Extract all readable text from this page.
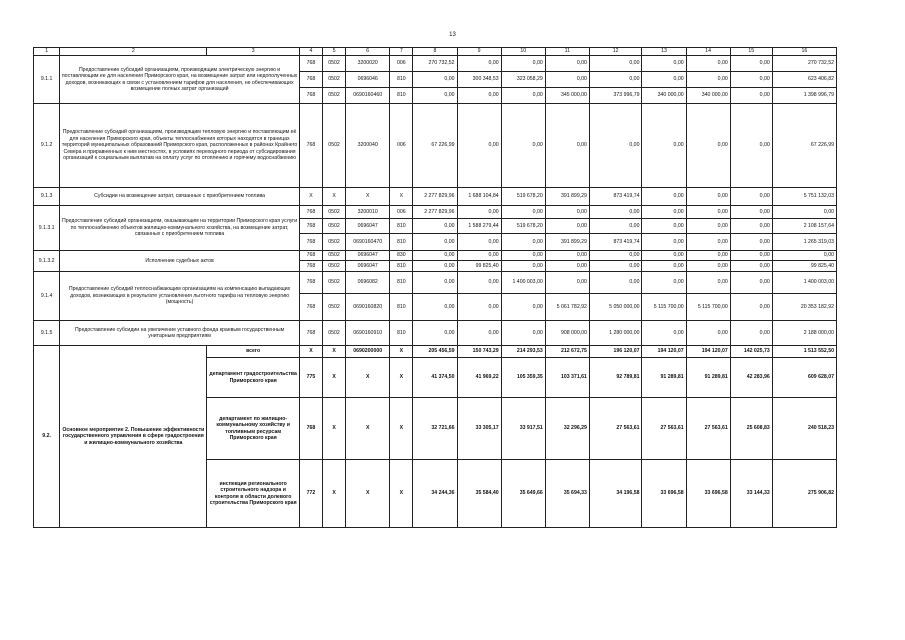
13
1	2	3	4	5	6	7	8	9	10	11	12	13	14	15	16
9.1.1	Предоставление субсидий организациям, производящим электрическую энергию и поставляющим ее для населения Приморского края, на возмещение затрат или недополученных доходов, возникающих в связи с установлением тарифов для населения, не обеспечивающих возмещение полных затрат организаций		768	0502	3200020	006	270 732,52	0,00	0,00	0,00	0,00	0,00	0,00	0,00	270 732,52
			768	0502	0696046	810	0,00	300 348,53	323 058,29	0,00	0,00	0,00	0,00	0,00	623 406,82
			768	0502	0690160460	810	0,00	0,00	0,00	345 000,00	373 996,79	340 000,00	340 000,00	0,00	1 398 996,79
9.1.2	Предоставление субсидий организациям, производящим тепловую энергию и поставляющим её для населения Приморского края, объекты теплоснабжения которых находятся в границах территорий муниципальных образований Приморского края, расположенных в районах Крайнего Севера и приравненных к ним местностях, в условиях переходного периода от субсидирования организаций к социальным выплатам на оплату услуг по отоплению и горячему водоснабжению		768	0502	3200040	006	67 226,99	0,00	0,00	0,00	0,00	0,00	0,00	0,00	67 226,99
9.1.3	Субсидии на возмещение затрат, связанных с приобретением топлива		X	X	X	X	2 277 829,96	1 688 104,84	519 678,20	391 899,29	873 419,74	0,00	0,00	0,00	5 751 132,03
9.1.3.1	Предоставление субсидий организациям, оказывающим на территории Приморского края услуги по теплоснабжению объектов жилищно-коммунального хозяйства, на возмещение затрат, связанных с приобретением топлива		768	0502	3200010	006	2 277 829,96	0,00	0,00	0,00	0,00	0,00	0,00	0,00	0,00
			768	0502	0696047	810	0,00	1 588 279,44	519 678,20	0,00	0,00	0,00	0,00	0,00	2 108 157,64
			768	0502	0690160470	810	0,00	0,00	0,00	391 899,29	873 419,74	0,00	0,00	0,00	1 265 319,03
9.1.3.2	Исполнение судебных актов		768	0502	0696047	830	0,00	0,00	0,00	0,00	0,00	0,00	0,00	0,00	0,00
			768	0502	0696047	810	0,00	99 825,40	0,00	0,00	0,00	0,00	0,00	0,00	99 825,40
9.1.4	Предоставление субсидий теплоснабжающим организациям на компенсацию выпадающих доходов, возникающих в результате установления льготного тарифа на тепловую энергию (мощность)		768	0502	0696082	810	0,00	0,00	1 400 003,00	0,00	0,00	0,00	0,00	0,00	1 400 003,00
			768	0502	0690160820	810	0,00	0,00	0,00	5 061 782,92	5 050 000,00	5 115 700,00	5 115 700,00	0,00	20 353 182,92
9.1.5	Предоставление субсидии на увеличение уставного фонда краевым государственным унитарным предприятиям		768	0502	0690160910	810	0,00	0,00	0,00	908 000,00	1 280 000,00	0,00	0,00	0,00	2 188 000,00
9.2.	Основное мероприятие 2. Повышение эффективности государственного управления в сфере градостроения и жилищно-коммунального хозяйства	всего	X	X	0690200000	X	205 456,59	150 743,29	214 293,53	212 672,75	196 120,07	194 120,07	194 120,07	142 025,73	1 513 552,50
		департамент градостроительства Приморского края	775	X	X	X	41 374,50	41 969,22	105 359,35	103 371,61	92 789,81	91 289,81	91 289,81	42 283,96	609 628,07
		департамент по жилищно-коммунальному хозяйству и топливным ресурсам Приморского края	768	X	X	X	32 721,66	33 305,17	33 917,51	32 296,29	27 563,61	27 563,61	27 563,61	25 608,83	240 518,23
		инспекция регионального строительного надзора и контроля в области долевого строительства Приморского края	772	X	X	X	34 244,36	35 584,40	35 649,66	35 694,33	34 196,58	33 696,58	33 696,58	33 144,33	275 906,82
